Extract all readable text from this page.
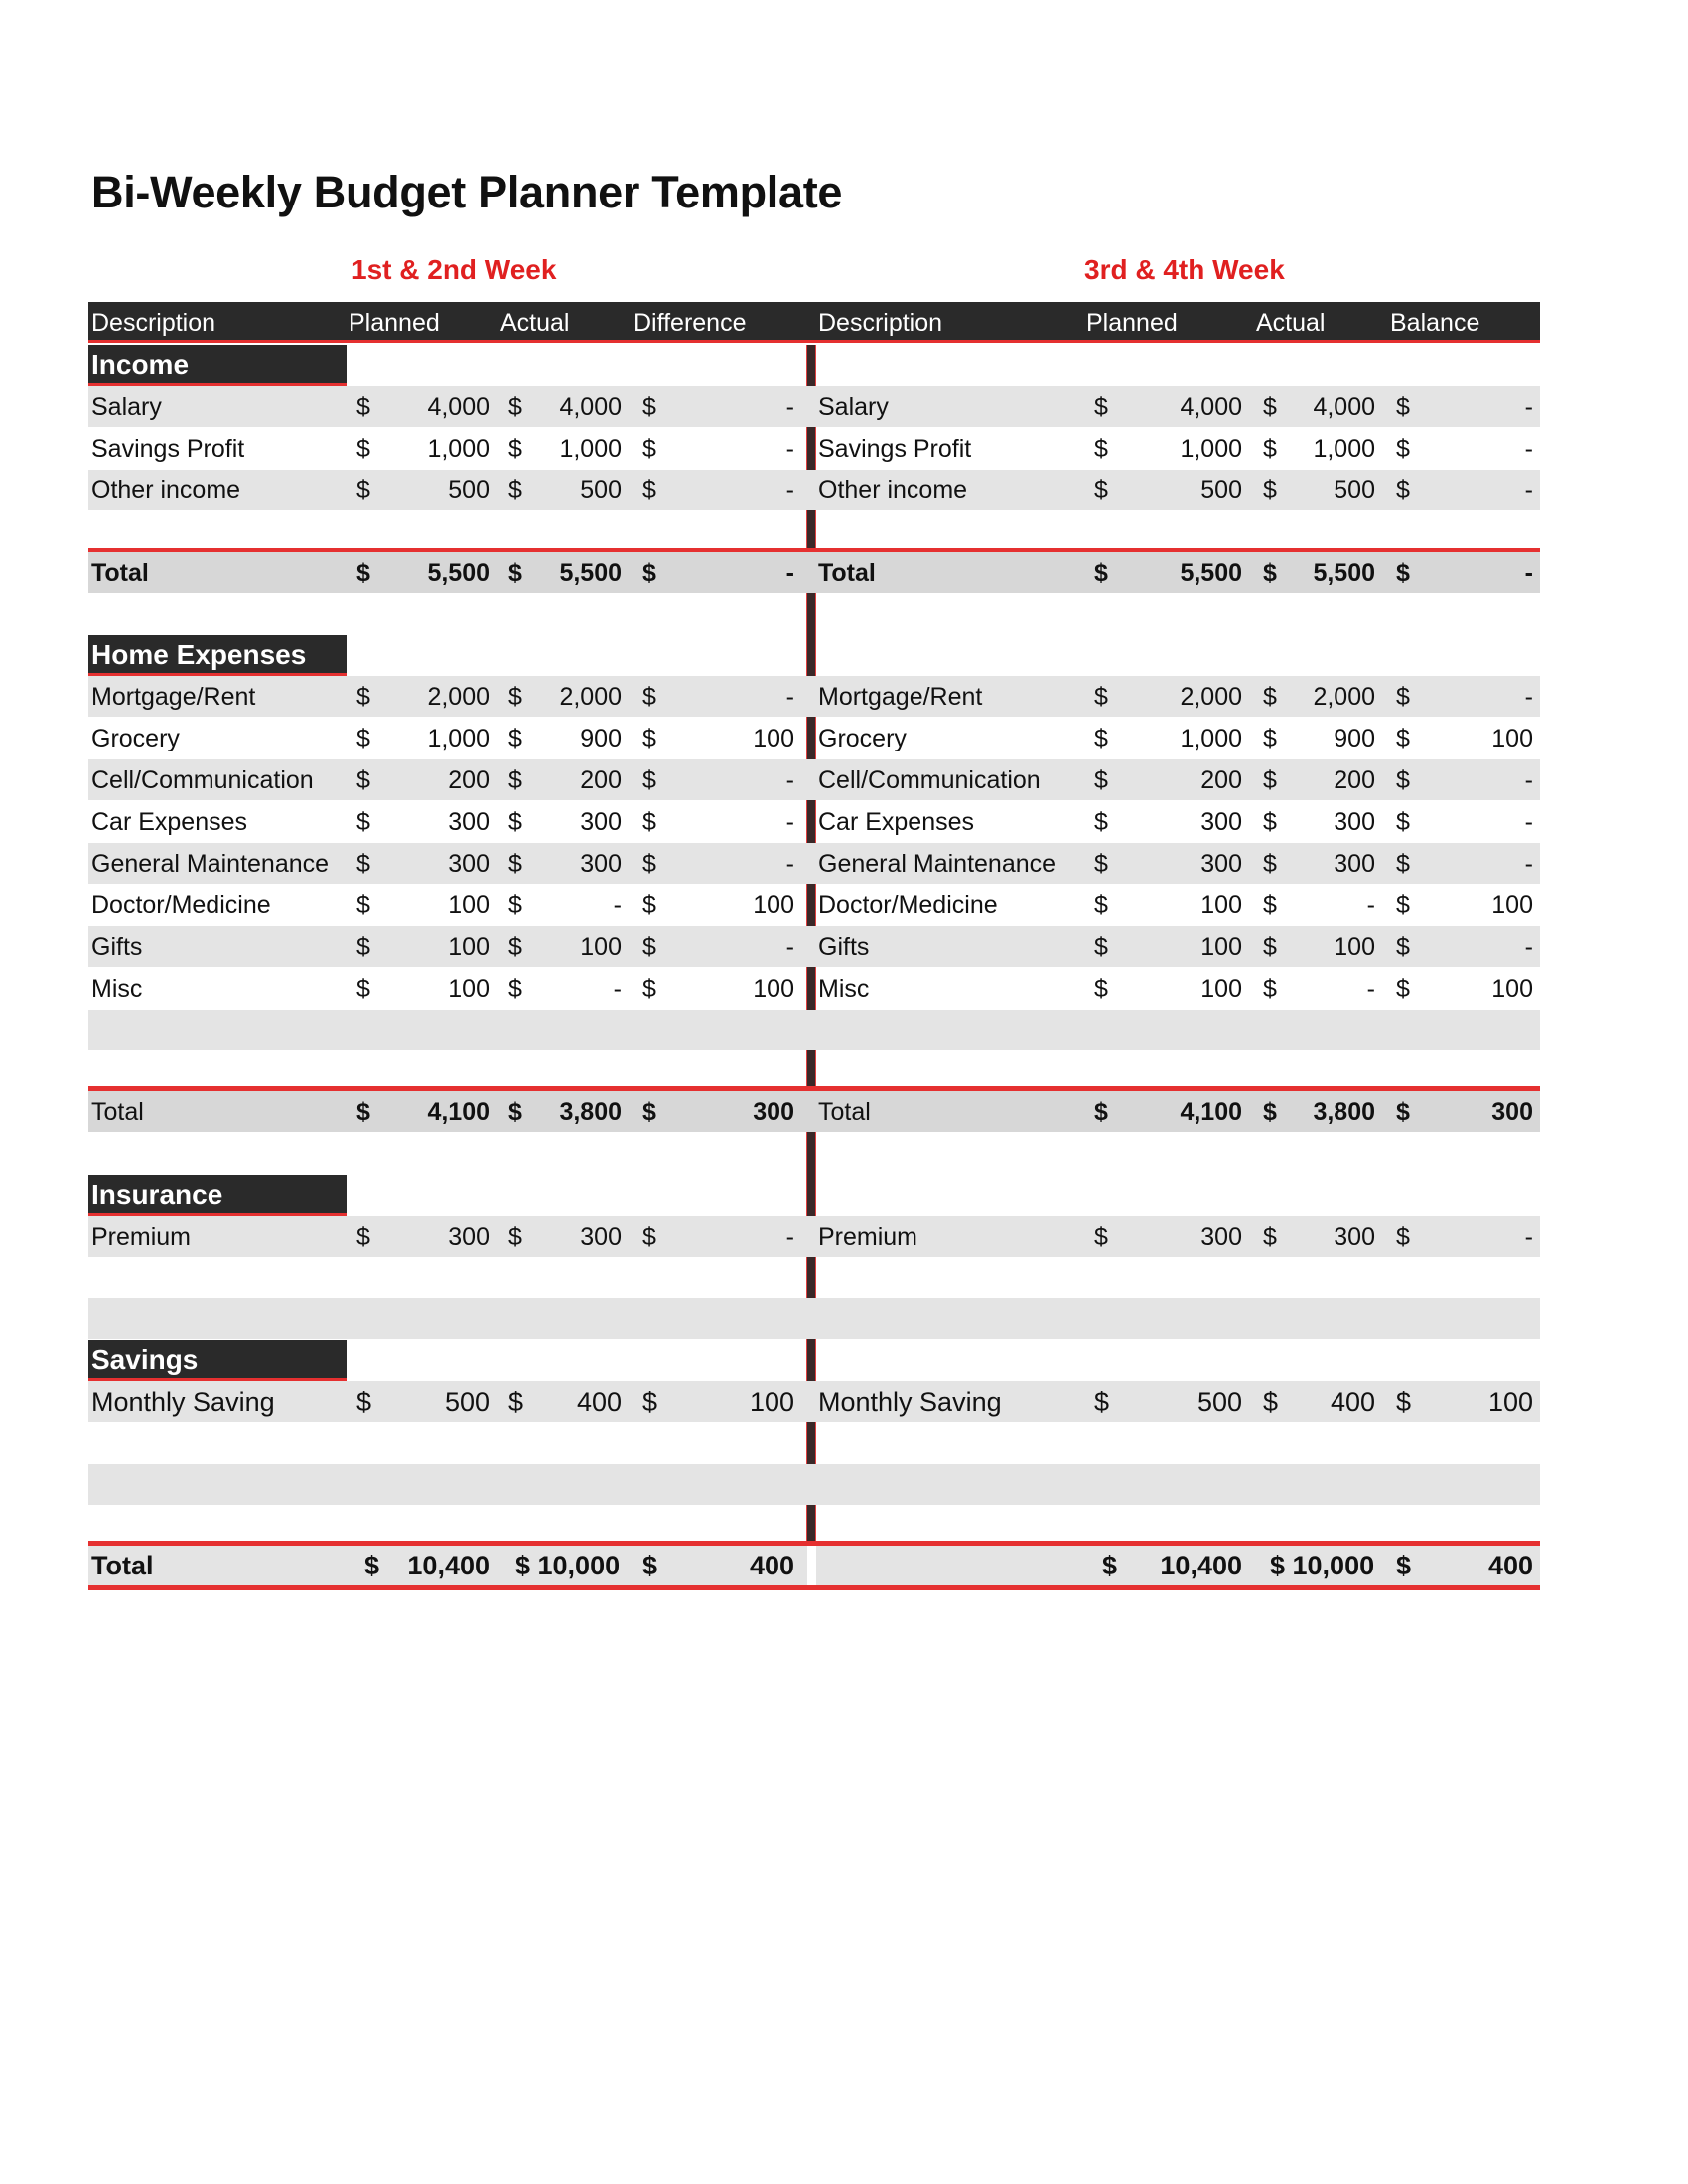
Bi-Weekly Budget Planner Template
1st & 2nd Week	3rd & 4th Week
Description	Planned Actual	Difference	Description	Planned	Actual	Balance
Income
Salary	$	4,000 $	4,000 $	- Salary	$	4,000 $	4,000 $	-
Savings Profit	$	1,000 $	1,000 $	- Savings Profit	$	1,000 $	1,000 $	-
Other income	$	500 $	500 $	- Other income	$	500 $	500 $	-
Total	$	5,500 $	5,500 $	- Total	$	5,500 $	5,500 $	-
Home Expenses
Mortgage/Rent	$	2,000 $	2,000 $	- Mortgage/Rent	$	2,000 $	2,000 $	-
Grocery	$	1,000 $	900 $	100 Grocery	$	1,000 $	900 $	100
Cell/Communication $	200 $	200 $	- Cell/Communication $	200 $	200 $	-
Car Expenses	$	300 $	300 $	- Car Expenses	$	300 $	300 $	-
General Maintenance $	300 $	300 $	- General Maintenance $	300 $	300 $	-
Doctor/Medicine	$	100 $	- $	100 Doctor/Medicine	$	100 $	- $	100
Gifts	$	100 $	100 $	- Gifts	$	100 $	100 $	-
Misc	$	100 $	- $	100 Misc	$	100 $	- $	100
Total	$	4,100 $	3,800 $	300 Total	$	4,100 $	3,800 $	300
Insurance
Premium	$	300 $	300 $	- Premium	$	300 $	300 $	-
Savings
Monthly Saving	$	500 $	400 $	100 Monthly Saving	$	500 $	400 $	100
Total	$	10,400 $ 10,000 $	400	$	10,400 $ 10,000 $	400
